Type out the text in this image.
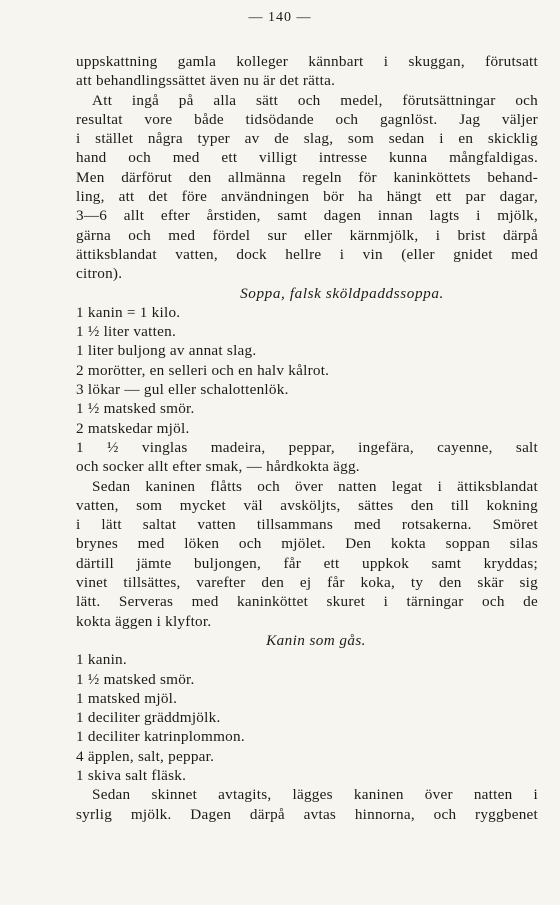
— 140 —
uppskattning gamla kolleger kännbart i skuggan, förutsatt
att behandlingssättet även nu är det rätta.
Att ingå på alla sätt och medel, förutsättningar och
resultat vore både tidsödande och gagnlöst. Jag väljer
i stället några typer av de slag, som sedan i en skicklig
hand och med ett villigt intresse kunna mångfaldigas.
Men därförut den allmänna regeln för kaninköttets behand-
ling, att det före användningen bör ha hängt ett par dagar,
3—6 allt efter årstiden, samt dagen innan lagts i mjölk,
gärna och med fördel sur eller kärnmjölk, i brist därpå
ättiksblandat vatten, dock hellre i vin (eller gnidet med
citron).
Soppa, falsk sköldpaddssoppa.
1 kanin = 1 kilo.
1 ½ liter vatten.
1 liter buljong av annat slag.
2 morötter, en selleri och en halv kålrot.
3 lökar — gul eller schalottenlök.
1 ½ matsked smör.
2 matskedar mjöl.
1 ½ vinglas madeira, peppar, ingefära, cayenne, salt
och socker allt efter smak, — hårdkokta ägg.
Sedan kaninen flåtts och över natten legat i ättiksblandat
vatten, som mycket väl avsköljts, sättes den till kokning
i lätt saltat vatten tillsammans med rotsakerna. Smöret
brynes med löken och mjölet. Den kokta soppan silas
därtill jämte buljongen, får ett uppkok samt kryddas;
vinet tillsättes, varefter den ej får koka, ty den skär sig
lätt. Serveras med kaninköttet skuret i tärningar och de
kokta äggen i klyftor.
Kanin som gås.
1 kanin.
1 ½ matsked smör.
1 matsked mjöl.
1 deciliter gräddmjölk.
1 deciliter katrinplommon.
4 äpplen, salt, peppar.
1 skiva salt fläsk.
Sedan skinnet avtagits, lägges kaninen över natten i
syrlig mjölk. Dagen därpå avtas hinnorna, och ryggbenet
